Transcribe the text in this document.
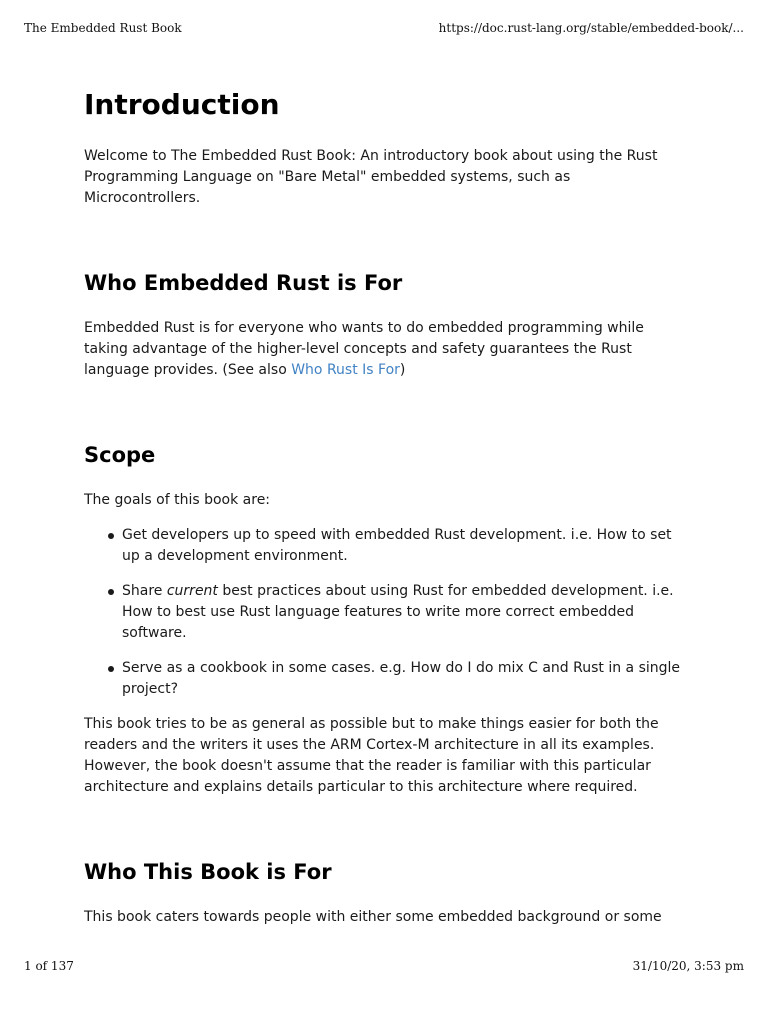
The Embedded Rust Book	https://doc.rust-lang.org/stable/embedded-book/...
Introduction

Welcome to The Embedded Rust Book: An introductory book about using the Rust Programming Language on "Bare Metal" embedded systems, such as Microcontrollers.

Who Embedded Rust is For

Embedded Rust is for everyone who wants to do embedded programming while taking advantage of the higher-level concepts and safety guarantees the Rust language provides. (See also Who Rust Is For)

Scope

The goals of this book are:

Get developers up to speed with embedded Rust development. i.e. How to set up a development environment.
Share current best practices about using Rust for embedded development. i.e. How to best use Rust language features to write more correct embedded software.
Serve as a cookbook in some cases. e.g. How do I do mix C and Rust in a single project?

This book tries to be as general as possible but to make things easier for both the readers and the writers it uses the ARM Cortex-M architecture in all its examples. However, the book doesn't assume that the reader is familiar with this particular architecture and explains details particular to this architecture where required.

Who This Book is For

This book caters towards people with either some embedded background or some

1 of 137	31/10/20, 3:53 pm
